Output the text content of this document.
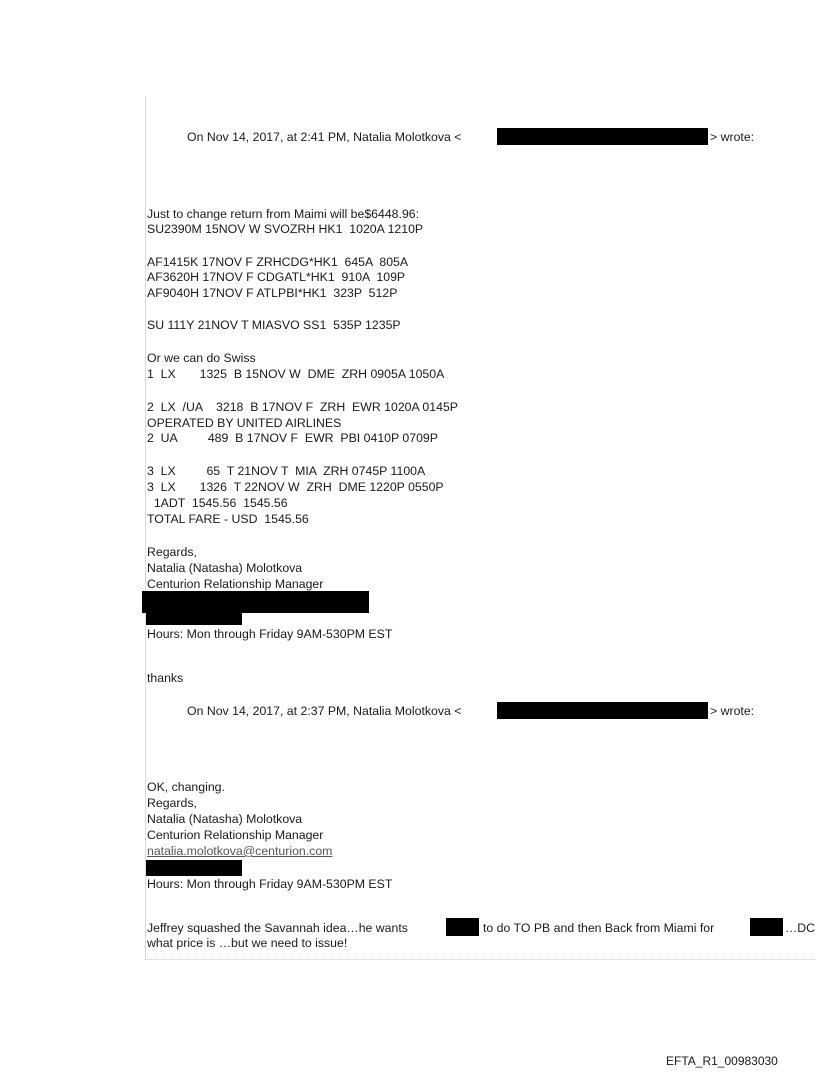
On Nov 14, 2017, at 2:41 PM, Natalia Molotkova <	> wrote:
Just to change return from Maimi will be$6448.96:
SU2390M 15NOV W SVOZRH HK1  1020A 1210P
AF1415K 17NOV F ZRHCDG*HK1  645A  805A
AF3620H 17NOV F CDGATL*HK1  910A  109P
AF9040H 17NOV F ATLPBI*HK1  323P  512P
SU 111Y 21NOV T MIASVO SS1  535P 1235P
Or we can do Swiss
1  LX       1325  B 15NOV W  DME  ZRH 0905A 1050A
2  LX  /UA    3218  B 17NOV F  ZRH  EWR 1020A 0145P
OPERATED BY UNITED AIRLINES
2  UA         489  B 17NOV F  EWR  PBI 0410P 0709P
3  LX         65  T 21NOV T  MIA  ZRH 0745P 1100A
3  LX       1326  T 22NOV W  ZRH  DME 1220P 0550P
1ADT  1545.56  1545.56
TOTAL FARE - USD  1545.56
Regards,
Natalia (Natasha) Molotkova
Centurion Relationship Manager
Hours: Mon through Friday 9AM-530PM EST
thanks
On Nov 14, 2017, at 2:37 PM, Natalia Molotkova <	> wrote:
OK, changing.
Regards,
Natalia (Natasha) Molotkova
Centurion Relationship Manager
natalia.molotkova@centurion.com
Hours: Mon through Friday 9AM-530PM EST
Jeffrey squashed the Savannah idea…he wants	to do TO PB and then Back from Miami for	…DC
what price is …but we need to issue!
EFTA_R1_00983030
